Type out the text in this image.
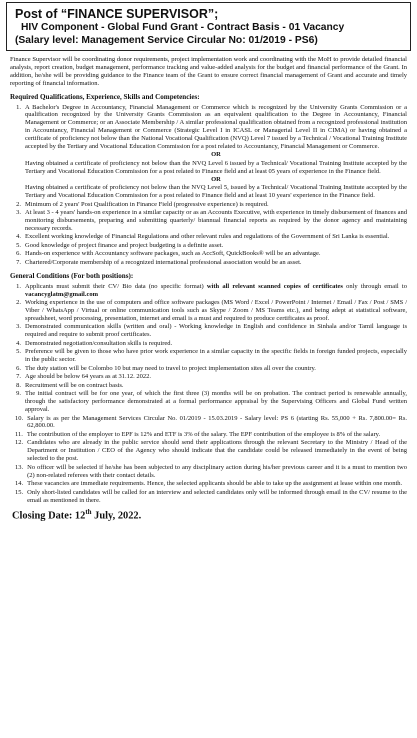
Post of “FINANCE SUPERVISOR”;
HIV Component - Global Fund Grant - Contract Basis - 01 Vacancy
(Salary level: Management Service Circular No: 01/2019 - PS6)

Finance Supervisor will be coordinating donor requirements, project implementation work and coordinating with the MoH to provide detailed financial analysis, report creation, budget management, performance tracking and value-added analysis for the budget and financial performance of the Grant. In addition, he/she will be providing guidance to the Finance team of the Grant to ensure correct financial management of Grant and accurate and timely reporting of financial information.

Required Qualifications, Experience, Skills and Competencies:
1. A Bachelor's Degree in Accountancy, Financial Management or Commerce which is recognized by the University Grants Commission or a qualification recognized by the University Grants Commission as an equivalent qualification to the Degree in Accountancy, Financial Management or Commerce; or an Associate Membership / A similar professional qualification obtained from a recognized professional institution in Accountancy, Financial Management or Commerce (Strategic Level I in ICASL or Managerial Level II in CIMA) or having obtained a certificate of proficiency not below than the National Vocational Qualification (NVQ) Level 7 issued by a Technical / Vocational Training Institute accepted by the Tertiary and Vocational Education Commission for a post related to Accountancy, Financial Management or Commerce.
OR
Having obtained a certificate of proficiency not below than the NVQ Level 6 issued by a Technical/ Vocational Training Institute accepted by the Tertiary and Vocational Education Commission for a post related to Finance field and at least 05 years of experience in the Finance field.
OR
Having obtained a certificate of proficiency not below than the NVQ Level 5, issued by a Technical/ Vocational Training Institute accepted by the Tertiary and Vocational Education Commission for a post related to Finance field and at least 10 years' experience in the Finance field.
2. Minimum of 2 years' Post Qualification in Finance Field (progressive experience) is required.
3. At least 3 - 4 years' hands-on experience in a similar capacity or as an Accounts Executive, with experience in timely disbursement of finances and monitoring disbursements, preparing and submitting quarterly/ biannual financial reports as required by the donor agency and maintaining necessary records.
4. Excellent working knowledge of Financial Regulations and other relevant rules and regulations of the Government of Sri Lanka is essential.
5. Good knowledge of project finance and project budgeting is a definite asset.
6. Hands-on experience with Accountancy software packages, such as AccSoft, QuickBooks® will be an advantage.
7. Chartered/Corporate membership of a recognized international professional association would be an asset.
General Conditions (For both positions):
1. Applicants must submit their CV/ Bio data (no specific format) with all relevant scanned copies of certificates only through email to vacancyglatm@gmail.com
2. Working experience in the use of computers and office software packages (MS Word / Excel / PowerPoint / Internet / Email / Fax / Post / SMS / Viber / WhatsApp / Virtual or online communication tools such as Skype / Zoom / MS Teams etc.), and being adept at statistical software, spreadsheet, word processing, presentation, internet and email is a must and required to produce certificates as proof.
3. Demonstrated communication skills (written and oral) - Working knowledge in English and confidence in Sinhala and/or Tamil language is required and require to submit proof certificates.
4. Demonstrated negotiation/consultation skills is required.
5. Preference will be given to those who have prior work experience in a similar capacity in the specific fields in foreign funded projects, especially in the public sector.
6. The duty station will be Colombo 10 but may need to travel to project implementation sites all over the country.
7. Age should be below 64 years as at 31.12. 2022.
8. Recruitment will be on contract basis.
9. The initial contract will be for one year, of which the first three (3) months will be on probation. The contract period is renewable annually, through the satisfactory performance demonstrated at a formal performance appraisal by the Supervising Officers and Global Fund written approval.
10. Salary is as per the Management Services Circular No. 01/2019 - 15.03.2019 - Salary level: PS 6 (starting Rs. 55,000 + Rs. 7,800.00= Rs. 62,800.00.
11. The contribution of the employer to EPF is 12% and ETF is 3% of the salary. The EPF contribution of the employee is 8% of the salary.
12. Candidates who are already in the public service should send their applications through the relevant Secretary to the Ministry / Head of the Department or Institution / CEO of the Agency who should indicate that the candidate could be released immediately in the event of being selected to the post.
13. No officer will be selected if he/she has been subjected to any disciplinary action during his/her previous career and it is a must to mention two (2) non-related referees with their contact details.
14. These vacancies are immediate requirements. Hence, the selected applicants should be able to take up the assignment at lease within one month.
15. Only short-listed candidates will be called for an interview and selected candidates only will be informed through email in the CV/ resume to the email as mentioned in there.
Closing Date: 12th July, 2022.
